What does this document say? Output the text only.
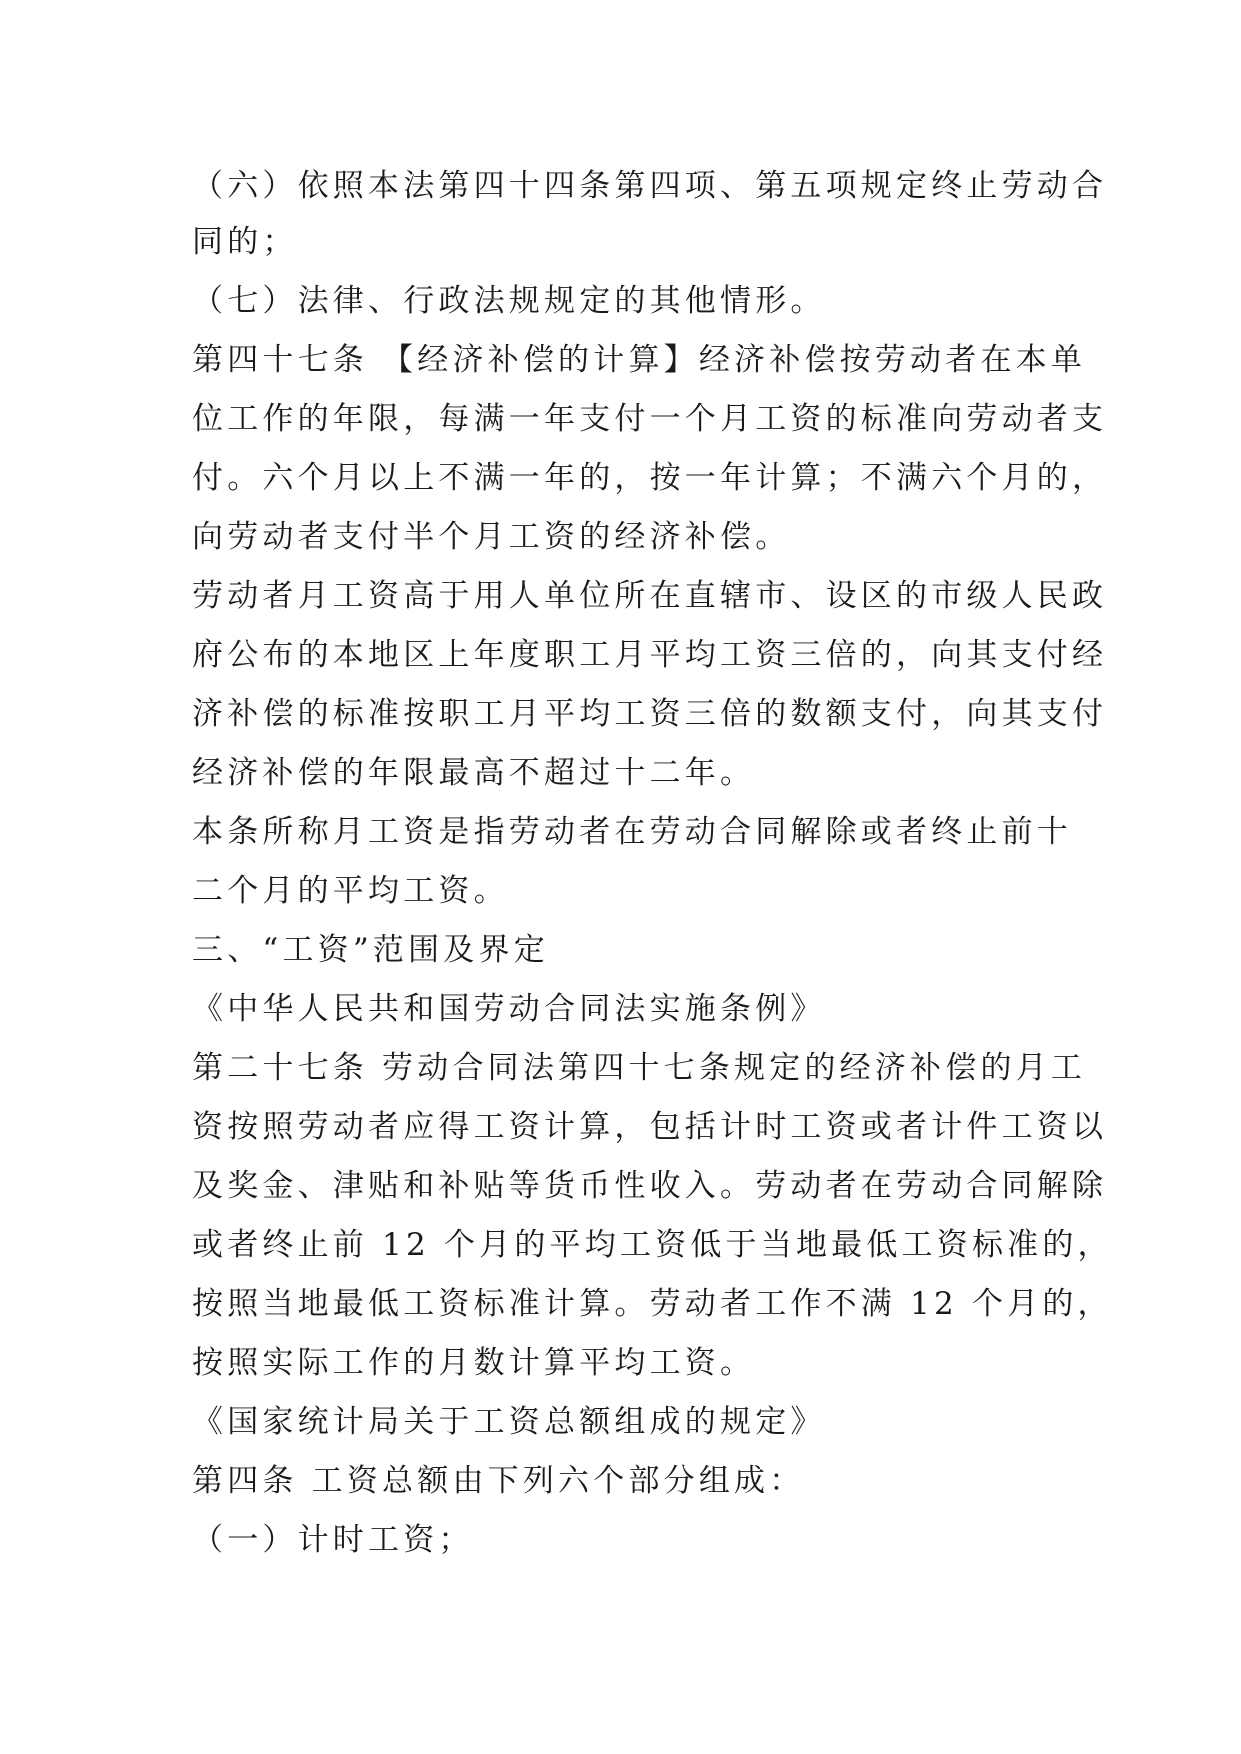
（六）依照本法第四十四条第四项、第五项规定终止劳动合
同的；
（七）法律、行政法规规定的其他情形。
第四十七条 【经济补偿的计算】经济补偿按劳动者在本单
位工作的年限，每满一年支付一个月工资的标准向劳动者支
付。六个月以上不满一年的，按一年计算；不满六个月的，
向劳动者支付半个月工资的经济补偿。
劳动者月工资高于用人单位所在直辖市、设区的市级人民政
府公布的本地区上年度职工月平均工资三倍的，向其支付经
济补偿的标准按职工月平均工资三倍的数额支付，向其支付
经济补偿的年限最高不超过十二年。
本条所称月工资是指劳动者在劳动合同解除或者终止前十
二个月的平均工资。
三、“工资”范围及界定
《中华人民共和国劳动合同法实施条例》
第二十七条 劳动合同法第四十七条规定的经济补偿的月工
资按照劳动者应得工资计算，包括计时工资或者计件工资以
及奖金、津贴和补贴等货币性收入。劳动者在劳动合同解除
或者终止前 12 个月的平均工资低于当地最低工资标准的，
按照当地最低工资标准计算。劳动者工作不满 12 个月的，
按照实际工作的月数计算平均工资。
《国家统计局关于工资总额组成的规定》
第四条 工资总额由下列六个部分组成：
（一）计时工资；
